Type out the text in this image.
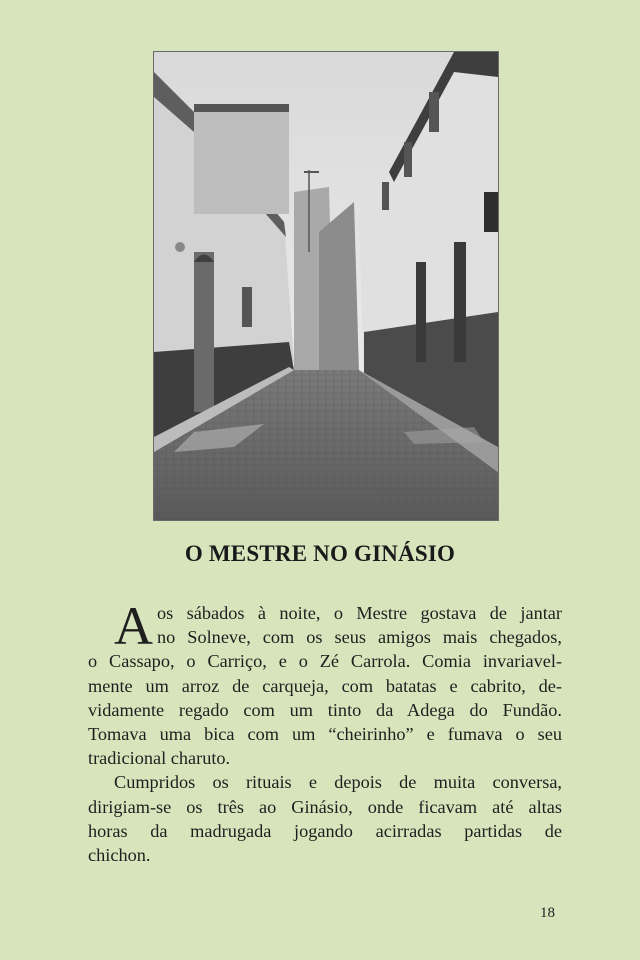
O MESTRE NO GINÁSIO

A os sábados à noite, o Mestre gostava de jantar
no Solneve, com os seus amigos mais chegados,
o Cassapo, o Carriço, e o Zé Carrola. Comia invariavel-
mente um arroz de carqueja, com batatas e cabrito, de-
vidamente regado com um tinto da Adega do Fundão.
Tomava uma bica com um “cheirinho” e fumava o seu
tradicional charuto.

Cumpridos os rituais e depois de muita conversa,
dirigiam-se os três ao Ginásio, onde ficavam até altas
horas da madrugada jogando acirradas partidas de
chichon.

18
